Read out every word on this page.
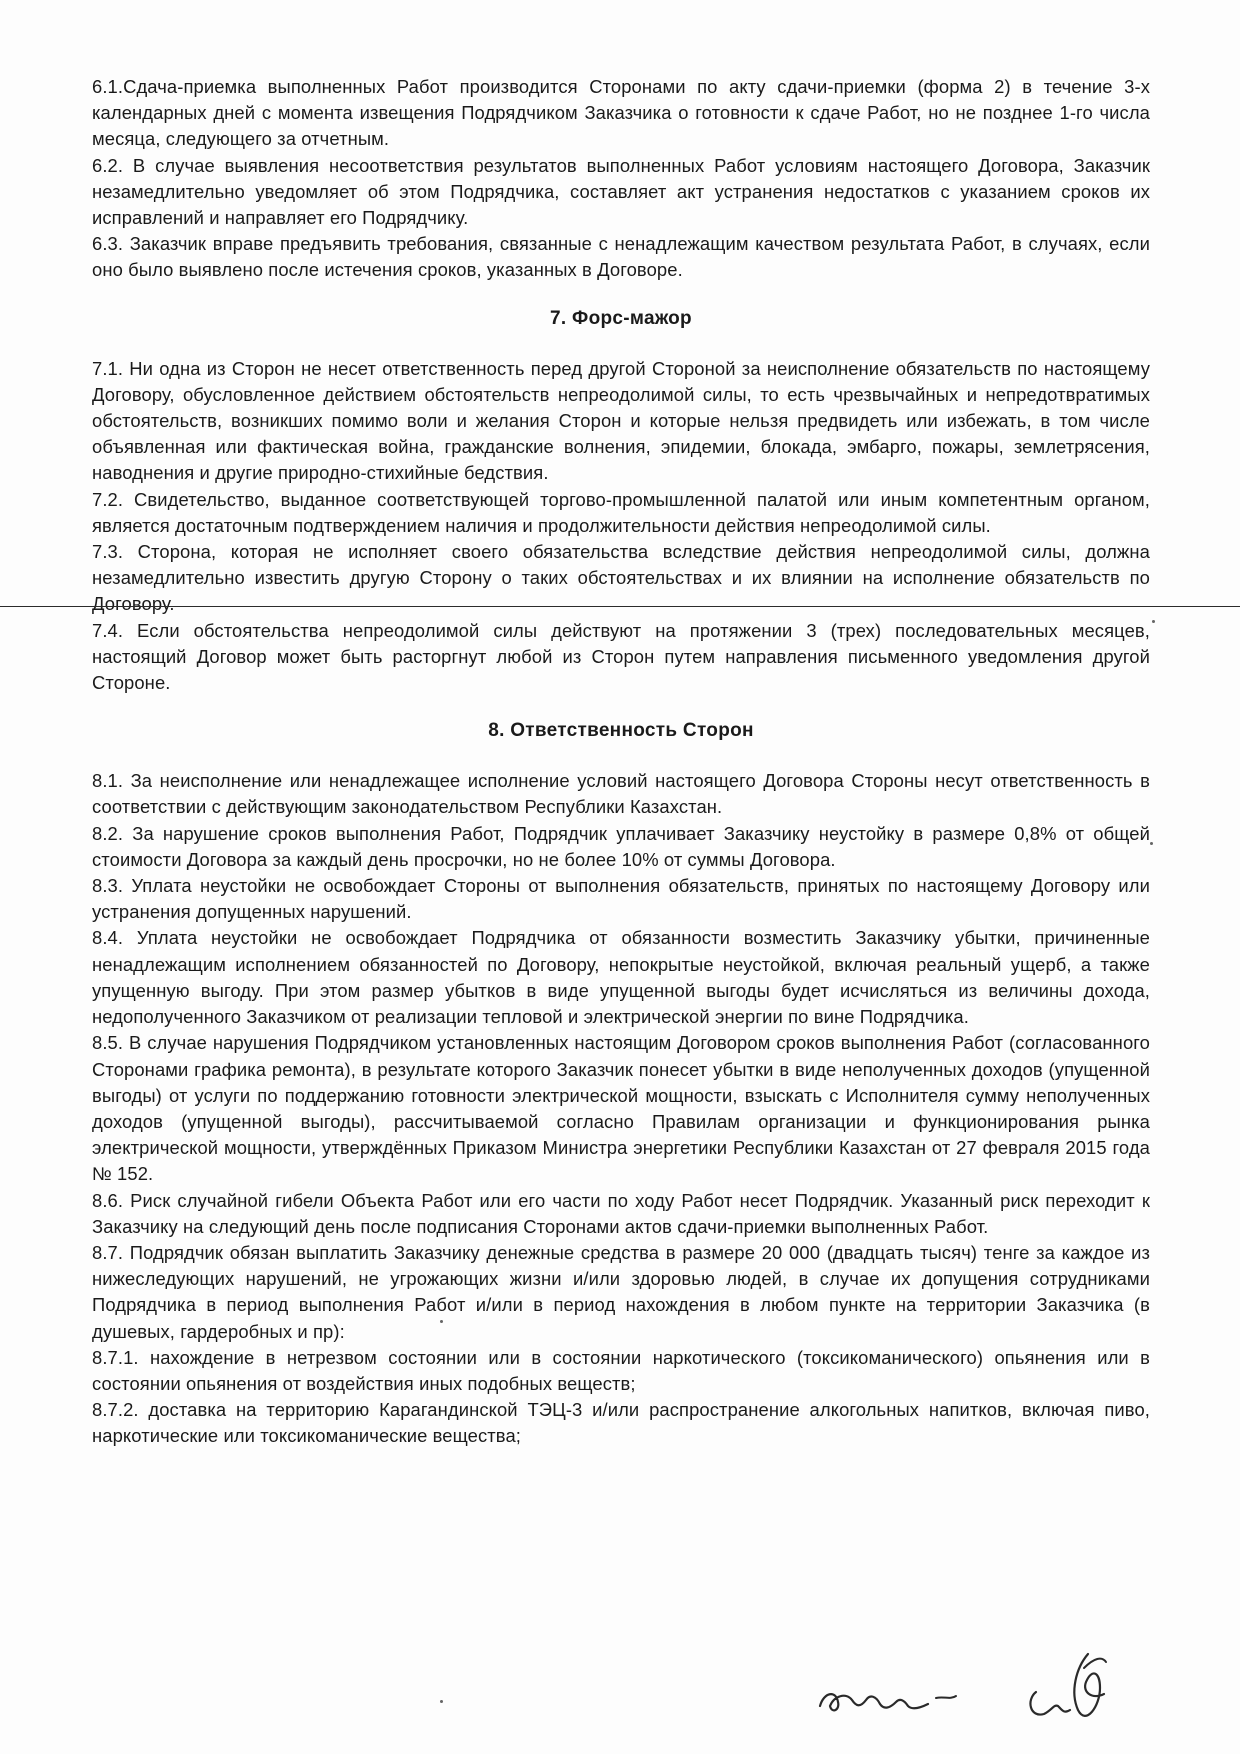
6.1.Сдача-приемка выполненных Работ производится Сторонами по акту сдачи-приемки (форма 2) в течение 3-х календарных дней с момента извещения Подрядчиком Заказчика о готовности к сдаче Работ, но не позднее 1-го числа месяца, следующего за отчетным.

6.2. В случае выявления несоответствия результатов выполненных Работ условиям настоящего Договора, Заказчик незамедлительно уведомляет об этом Подрядчика, составляет акт устранения недостатков с указанием сроков их исправлений и направляет его Подрядчику.

6.3. Заказчик вправе предъявить требования, связанные с ненадлежащим качеством результата Работ, в случаях, если оно было выявлено после истечения сроков, указанных в Договоре.

7. Форс-мажор

7.1. Ни одна из Сторон не несет ответственность перед другой Стороной за неисполнение обязательств по настоящему Договору, обусловленное действием обстоятельств непреодолимой силы, то есть чрезвычайных и непредотвратимых обстоятельств, возникших помимо воли и желания Сторон и которые нельзя предвидеть или избежать, в том числе объявленная или фактическая война, гражданские волнения, эпидемии, блокада, эмбарго, пожары, землетрясения, наводнения и другие природно-стихийные бедствия.

7.2. Свидетельство, выданное соответствующей торгово-промышленной палатой или иным компетентным органом, является достаточным подтверждением наличия и продолжительности действия непреодолимой силы.

7.3. Сторона, которая не исполняет своего обязательства вследствие действия непреодолимой силы, должна незамедлительно известить другую Сторону о таких обстоятельствах и их влиянии на исполнение обязательств по Договору.

7.4. Если обстоятельства непреодолимой силы действуют на протяжении 3 (трех) последовательных месяцев, настоящий Договор может быть расторгнут любой из Сторон путем направления письменного уведомления другой Стороне.

8. Ответственность Сторон

8.1. За неисполнение или ненадлежащее исполнение условий настоящего Договора Стороны несут ответственность в соответствии с действующим законодательством Республики Казахстан.

8.2. За нарушение сроков выполнения Работ, Подрядчик уплачивает Заказчику неустойку в размере 0,8% от общей стоимости Договора за каждый день просрочки, но не более 10% от суммы Договора.

8.3. Уплата неустойки не освобождает Стороны от выполнения обязательств, принятых по настоящему Договору или устранения допущенных нарушений.

8.4. Уплата неустойки не освобождает Подрядчика от обязанности возместить Заказчику убытки, причиненные ненадлежащим исполнением обязанностей по Договору, непокрытые неустойкой, включая реальный ущерб, а также упущенную выгоду. При этом размер убытков в виде упущенной выгоды будет исчисляться из величины дохода, недополученного Заказчиком от реализации тепловой и электрической энергии по вине Подрядчика.

8.5. В случае нарушения Подрядчиком установленных настоящим Договором сроков выполнения Работ (согласованного Сторонами графика ремонта), в результате которого Заказчик понесет убытки в виде неполученных доходов (упущенной выгоды) от услуги по поддержанию готовности электрической мощности, взыскать с Исполнителя сумму неполученных доходов (упущенной выгоды), рассчитываемой согласно Правилам организации и функционирования рынка электрической мощности, утверждённых Приказом Министра энергетики Республики Казахстан от 27 февраля 2015 года № 152.

8.6. Риск случайной гибели Объекта Работ или его части по ходу Работ несет Подрядчик. Указанный риск переходит к Заказчику на следующий день после подписания Сторонами актов сдачи-приемки выполненных Работ.

8.7. Подрядчик обязан выплатить Заказчику денежные средства в размере 20 000 (двадцать тысяч) тенге за каждое из нижеследующих нарушений, не угрожающих жизни и/или здоровью людей, в случае их допущения сотрудниками Подрядчика в период выполнения Работ и/или в период нахождения в любом пункте на территории Заказчика (в душевых, гардеробных и пр):

8.7.1. нахождение в нетрезвом состоянии или в состоянии наркотического (токсикоманического) опьянения или в состоянии опьянения от воздействия иных подобных веществ;

8.7.2. доставка на территорию Карагандинской ТЭЦ-3 и/или распространение алкогольных напитков, включая пиво, наркотические или токсикоманические вещества;
